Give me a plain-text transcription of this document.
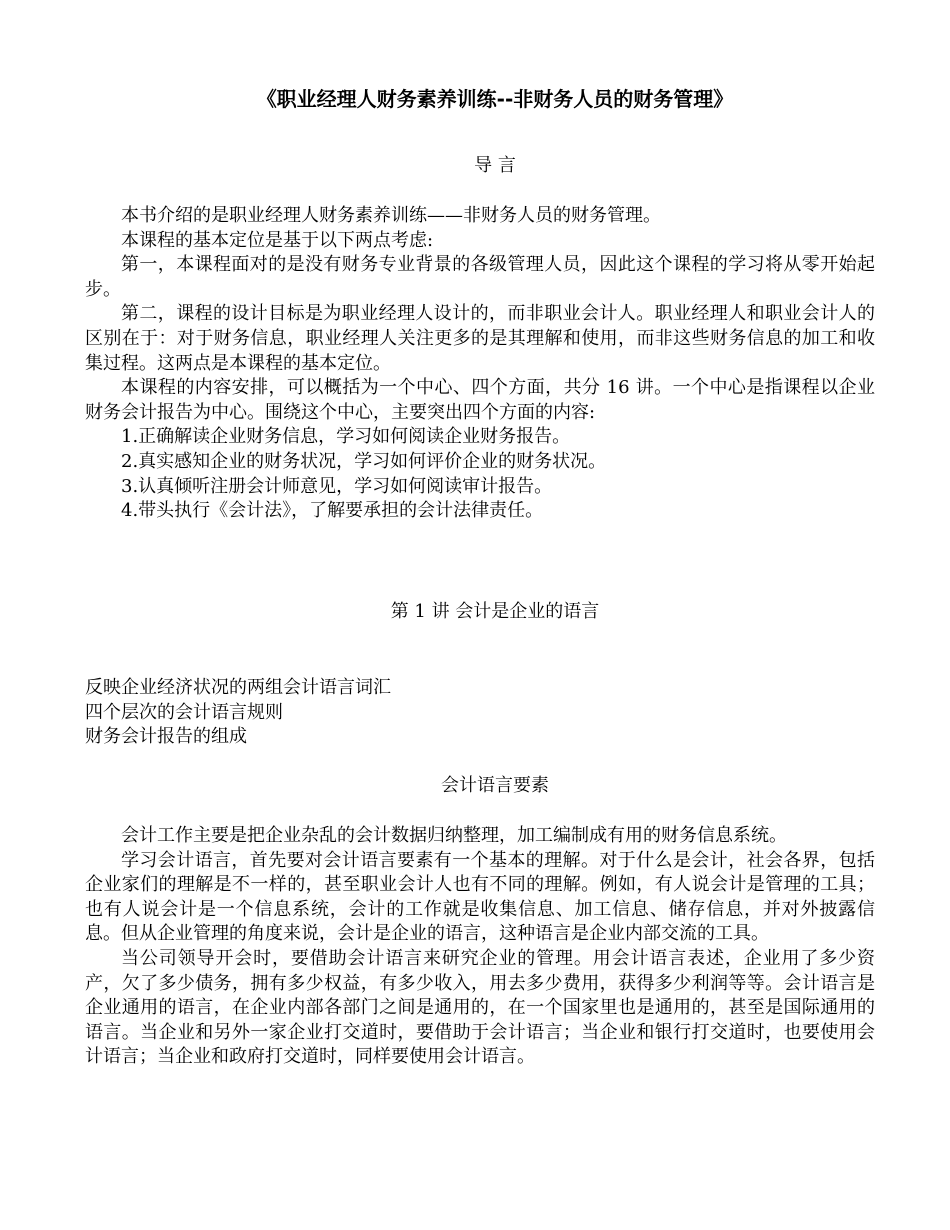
《职业经理人财务素养训练--非财务人员的财务管理》
导 言

本书介绍的是职业经理人财务素养训练——非财务人员的财务管理。

本课程的基本定位是基于以下两点考虑:

第一，本课程面对的是没有财务专业背景的各级管理人员，因此这个课程的学习将从零开始起步。

第二，课程的设计目标是为职业经理人设计的，而非职业会计人。职业经理人和职业会计人的区别在于：对于财务信息，职业经理人关注更多的是其理解和使用，而非这些财务信息的加工和收集过程。这两点是本课程的基本定位。

本课程的内容安排，可以概括为一个中心、四个方面，共分 16 讲。一个中心是指课程以企业财务会计报告为中心。围绕这个中心，主要突出四个方面的内容:

1.正确解读企业财务信息，学习如何阅读企业财务报告。

2.真实感知企业的财务状况，学习如何评价企业的财务状况。

3.认真倾听注册会计师意见，学习如何阅读审计报告。

4.带头执行《会计法》，了解要承担的会计法律责任。

第 1 讲 会计是企业的语言

反映企业经济状况的两组会计语言词汇

四个层次的会计语言规则

财务会计报告的组成

会计语言要素

会计工作主要是把企业杂乱的会计数据归纳整理，加工编制成有用的财务信息系统。

学习会计语言，首先要对会计语言要素有一个基本的理解。对于什么是会计，社会各界，包括企业家们的理解是不一样的，甚至职业会计人也有不同的理解。例如，有人说会计是管理的工具；也有人说会计是一个信息系统，会计的工作就是收集信息、加工信息、储存信息，并对外披露信息。但从企业管理的角度来说，会计是企业的语言，这种语言是企业内部交流的工具。

当公司领导开会时，要借助会计语言来研究企业的管理。用会计语言表述，企业用了多少资产，欠了多少债务，拥有多少权益，有多少收入，用去多少费用，获得多少利润等等。会计语言是企业通用的语言，在企业内部各部门之间是通用的，在一个国家里也是通用的，甚至是国际通用的语言。当企业和另外一家企业打交道时，要借助于会计语言；当企业和银行打交道时，也要使用会计语言；当企业和政府打交道时，同样要使用会计语言。
